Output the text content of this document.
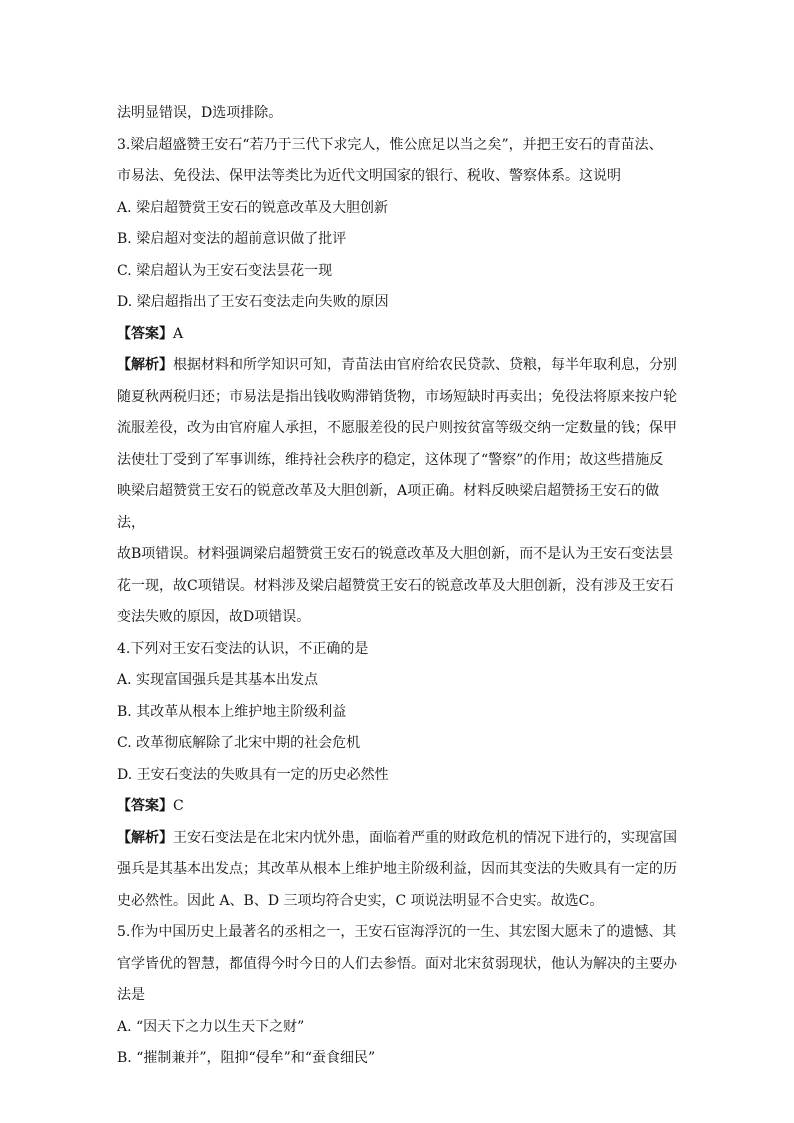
法明显错误，D选项排除。

3.梁启超盛赞王安石“若乃于三代下求完人，惟公庶足以当之矣”，并把王安石的青苗法、

市易法、免役法、保甲法等类比为近代文明国家的银行、税收、警察体系。这说明

A. 梁启超赞赏王安石的锐意改革及大胆创新

B. 梁启超对变法的超前意识做了批评

C. 梁启超认为王安石变法昙花一现

D. 梁启超指出了王安石变法走向失败的原因

【答案】A

【解析】根据材料和所学知识可知，青苗法由官府给农民贷款、贷粮，每半年取利息，分别

随夏秋两税归还；市易法是指出钱收购滞销货物，市场短缺时再卖出；免役法将原来按户轮

流服差役，改为由官府雇人承担，不愿服差役的民户则按贫富等级交纳一定数量的钱；保甲

法使壮丁受到了军事训练，维持社会秩序的稳定，这体现了“警察”的作用；故这些措施反

映梁启超赞赏王安石的锐意改革及大胆创新，A项正确。材料反映梁启超赞扬王安石的做法，

故B项错误。材料强调梁启超赞赏王安石的锐意改革及大胆创新，而不是认为王安石变法昙

花一现，故C项错误。材料涉及梁启超赞赏王安石的锐意改革及大胆创新，没有涉及王安石

变法失败的原因，故D项错误。

4.下列对王安石变法的认识，不正确的是

A. 实现富国强兵是其基本出发点

B. 其改革从根本上维护地主阶级利益

C. 改革彻底解除了北宋中期的社会危机

D. 王安石变法的失败具有一定的历史必然性

【答案】C

【解析】王安石变法是在北宋内忧外患，面临着严重的财政危机的情况下进行的，实现富国

强兵是其基本出发点；其改革从根本上维护地主阶级利益，因而其变法的失败具有一定的历

史必然性。因此 A、B、D 三项均符合史实，C 项说法明显不合史实。故选C。

5.作为中国历史上最著名的丞相之一，王安石宦海浮沉的一生、其宏图大愿未了的遗憾、其

官学皆优的智慧，都值得今时今日的人们去参悟。面对北宋贫弱现状，他认为解决的主要办

法是

A. “因天下之力以生天下之财”

B. “摧制兼并”，阻抑“侵牟”和“蚕食细民”
